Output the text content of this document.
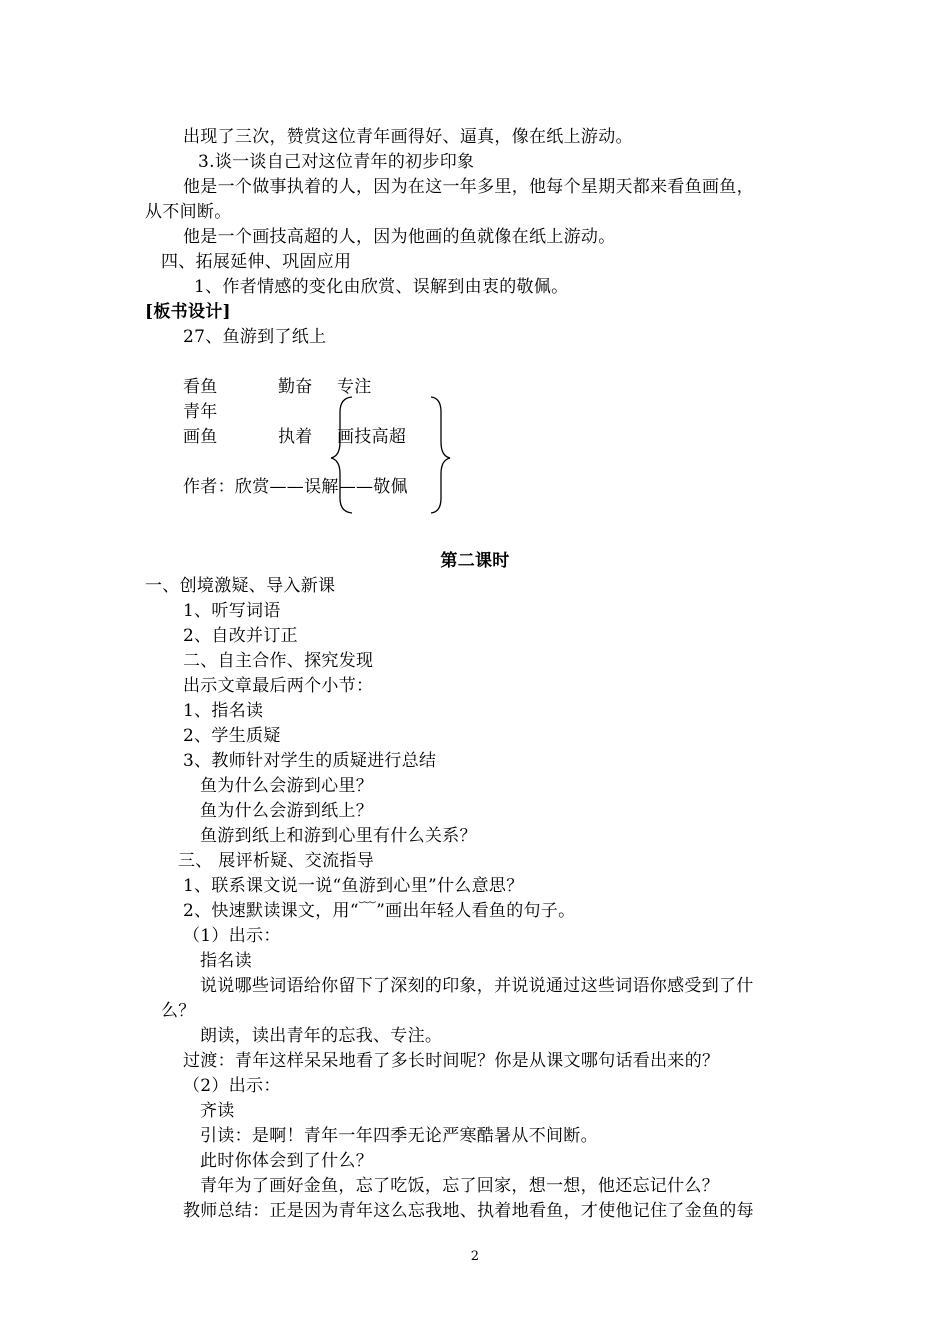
出现了三次，赞赏这位青年画得好、逼真，像在纸上游动。
3.谈一谈自己对这位青年的初步印象
他是一个做事执着的人，因为在这一年多里，他每个星期天都来看鱼画鱼，
从不间断。
他是一个画技高超的人，因为他画的鱼就像在纸上游动。
四、拓展延伸、巩固应用
1、作者情感的变化由欣赏、误解到由衷的敬佩。
[板书设计]
27、鱼游到了纸上
看鱼	勤奋 专注
青年
画鱼	执着 画技高超
作者：欣赏——误解——敬佩
第二课时
一、创境激疑、导入新课
1、听写词语
2、自改并订正
二、自主合作、探究发现
出示文章最后两个小节：
1、指名读
2、学生质疑
3、教师针对学生的质疑进行总结
鱼为什么会游到心里？
鱼为什么会游到纸上？
鱼游到纸上和游到心里有什么关系？
三、 展评析疑、交流指导
1、联系课文说一说“鱼游到心里”什么意思？
2、快速默读课文，用“﹋”画出年轻人看鱼的句子。
（1）出示：
指名读
说说哪些词语给你留下了深刻的印象，并说说通过这些词语你感受到了什
么？
朗读，读出青年的忘我、专注。
过渡：青年这样呆呆地看了多长时间呢？你是从课文哪句话看出来的？
（2）出示：
齐读
引读：是啊！青年一年四季无论严寒酷暑从不间断。
此时你体会到了什么？
青年为了画好金鱼，忘了吃饭，忘了回家，想一想，他还忘记什么？
教师总结：正是因为青年这么忘我地、执着地看鱼，才使他记住了金鱼的每
2
